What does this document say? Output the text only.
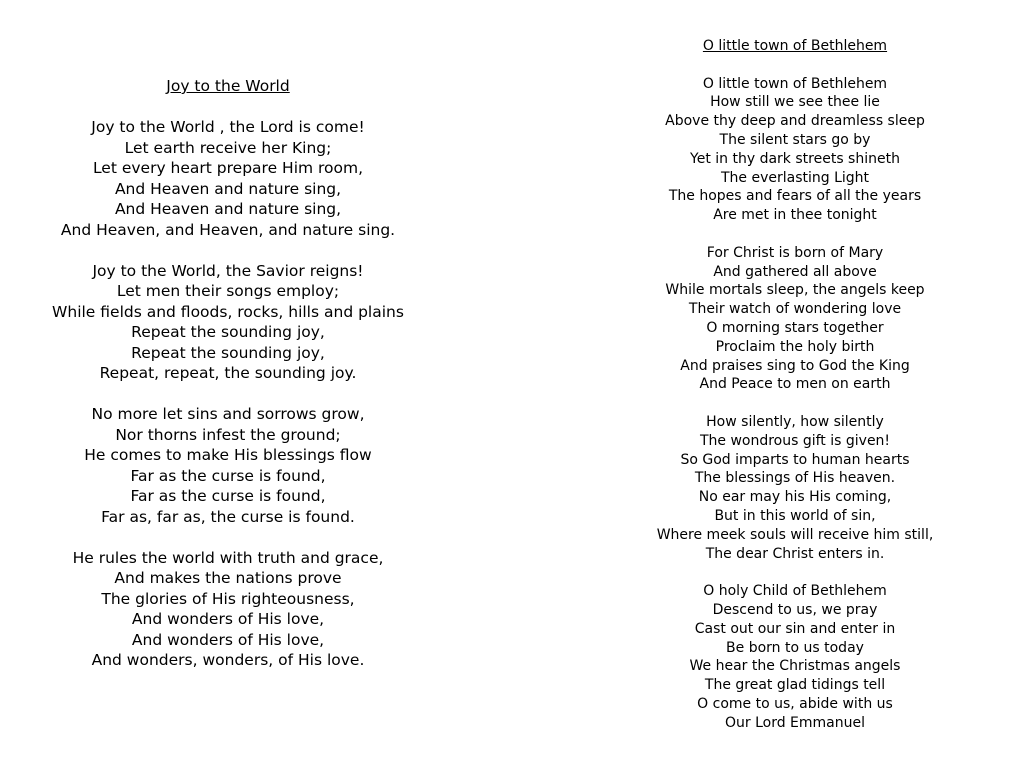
Joy to the World
Joy to the World , the Lord is come!
Let earth receive her King;
Let every heart prepare Him room,
And Heaven and nature sing,
And Heaven and nature sing,
And Heaven, and Heaven, and nature sing.
Joy to the World, the Savior reigns!
Let men their songs employ;
While fields and floods, rocks, hills and plains
Repeat the sounding joy,
Repeat the sounding joy,
Repeat, repeat, the sounding joy.
No more let sins and sorrows grow,
Nor thorns infest the ground;
He comes to make His blessings flow
Far as the curse is found,
Far as the curse is found,
Far as, far as, the curse is found.
He rules the world with truth and grace,
And makes the nations prove
The glories of His righteousness,
And wonders of His love,
And wonders of His love,
And wonders, wonders, of His love.
O little town of Bethlehem
O little town of Bethlehem
How still we see thee lie
Above thy deep and dreamless sleep
The silent stars go by
Yet in thy dark streets shineth
The everlasting Light
The hopes and fears of all the years
Are met in thee tonight
For Christ is born of Mary
And gathered all above
While mortals sleep, the angels keep
Their watch of wondering love
O morning stars together
Proclaim the holy birth
And praises sing to God the King
And Peace to men on earth
How silently, how silently
The wondrous gift is given!
So God imparts to human hearts
The blessings of His heaven.
No ear may his His coming,
But in this world of sin,
Where meek souls will receive him still,
The dear Christ enters in.
O holy Child of Bethlehem
Descend to us, we pray
Cast out our sin and enter in
Be born to us today
We hear the Christmas angels
The great glad tidings tell
O come to us, abide with us
Our Lord Emmanuel
